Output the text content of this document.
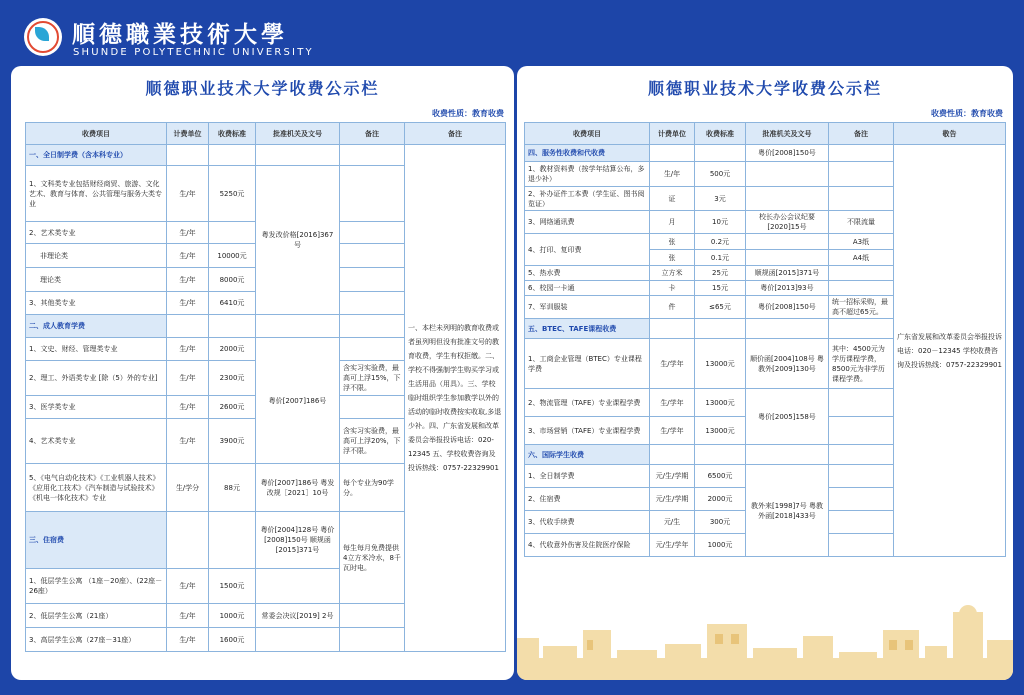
順德職業技術大學
SHUNDE POLYTECHNIC UNIVERSITY
顺德职业技术大学收费公示栏
收费性质：教育收费
收费项目	计费单位	收费标准	批准机关及文号	备注	备注
一、全日制学费（含本科专业）					一、本栏未列明的教育收费或者虽列明但没有批准文号的教育收费，学生有权拒缴。二、学校不得强制学生购买学习或生活用品（用具）。三、学校临时组织学生参加教学以外的活动的临时收费按实收取,多退少补。四、广东省发展和改革委员会举报投诉电话：020-12345 五、学校收费咨询及投诉热线：0757-22329901
1、文科类专业包括财经商贸、旅游、文化艺术、教育与体育、公共管理与服务大类专业	生/年	5250元	粤发改价格[2016]367号		
2、艺术类专业	生/年				
非理论类	生/年	10000元			
理论类	生/年	8000元			
3、其他类专业	生/年	6410元			
二、成人教育学费					
1、文史、财经、管理类专业	生/年	2000元	粤价[2007]186号		
2、理工、外语类专业 [除（5）外的专业]	生/年	2300元		含实习实验费，最高可上浮15%，下浮不限。	
3、医学类专业	生/年	2600元			
4、艺术类专业	生/年	3900元		含实习实验费，最高可上浮20%，下浮不限。	
5、《电气自动化技术》《工业机器人技术》《应用化工技术》《汽车制造与试验技术》《机电一体化技术》专业	生/学分	88元	粤价[2007]186号 粤发改规［2021］10号	每个专业为90学分。	
三、住宿费			粤价[2004]128号 粤价[2008]150号 顺规函[2015]371号	每生每月免费提供4立方米冷水，8千瓦时电。	
1、低层学生公寓 （1座－20座）、(22座－26座）	生/年	1500元			
2、低层学生公寓（21座）	生/年	1000元	常委会决议[2019] 2号		
3、高层学生公寓（27座－31座）	生/年	1600元			
顺德职业技术大学收费公示栏
收费性质：教育收费
收费项目	计费单位	收费标准	批准机关及文号	备注	敬告
四、服务性收费和代收费			粤价[2008]150号		广东省发展和改革委员会举报投诉电话：020－12345 学校收费咨询及投诉热线：0757-22329901
1、教材资料费（按学年结算公布，多退少补）	生/年	500元			
2、补办证件工本费（学生证、图书阅览证）	证	3元			
3、网络通讯费	月	10元	校长办公会议纪要[2020]15号	不限流量	
4、打印、复印费	张	0.2元		A3纸	
	张	0.1元		A4纸	
5、热水费	立方米	25元	顺规函[2015]371号		
6、校园一卡通	卡	15元	粤价[2013]93号		
7、军训服装	件	≤65元	粤价[2008]150号	统一招标采购，最高不超过65元。	
五、BTEC、TAFE课程收费					
1、工商企业管理（BTEC）专业课程学费	生/学年	13000元	顺价函[2004]108号 粤教外[2009]130号	其中：4500元为学历课程学费，8500元为非学历课程学费。	
2、物流管理（TAFE）专业课程学费	生/学年	13000元	粤价[2005]158号		
3、市场营销（TAFE）专业课程学费	生/学年	13000元			
六、国际学生收费					
1、全日制学费	元/生/学期	6500元	教外来[1998]7号 粤教外函[2018]433号		
2、住宿费	元/生/学期	2000元			
3、代收手续费	元/生	300元			
4、代收意外伤害及住院医疗保险	元/生/学年	1000元			
